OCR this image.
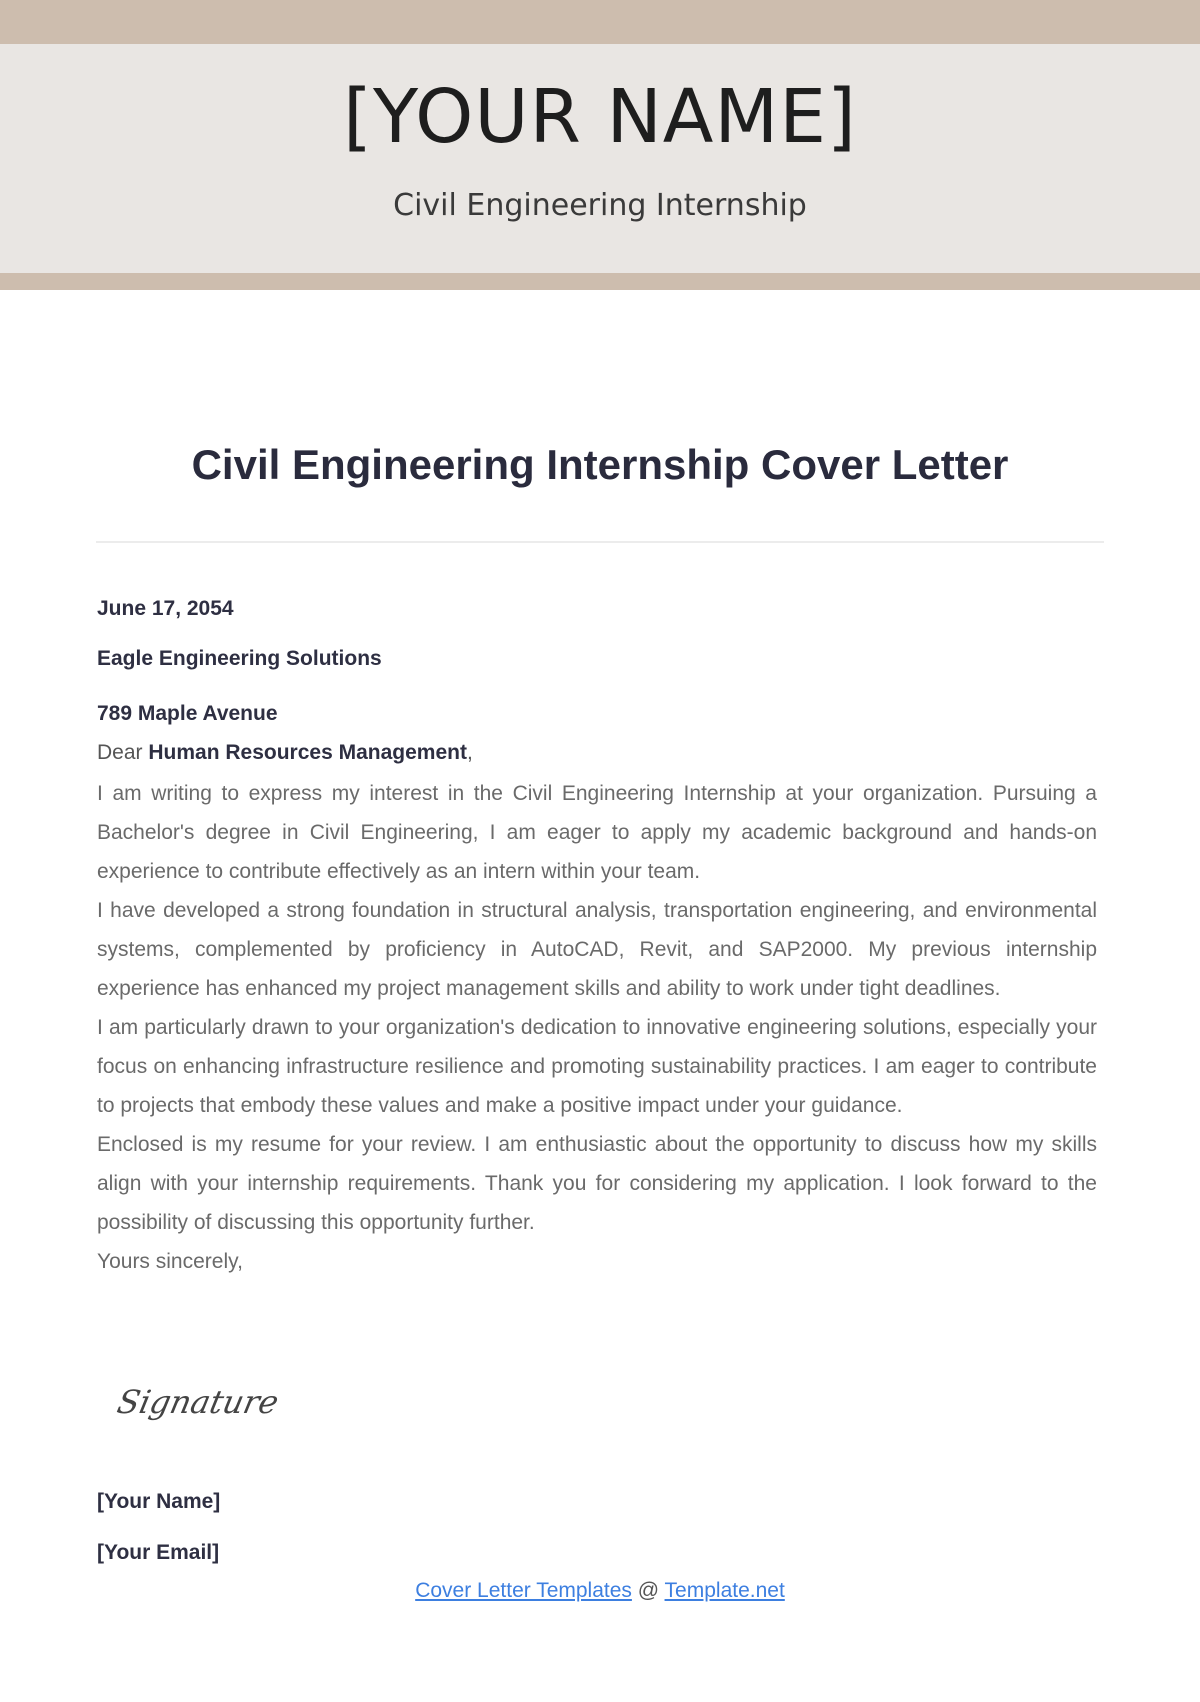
[YOUR NAME]
Civil Engineering Internship
Civil Engineering Internship Cover Letter
June 17, 2054
Eagle Engineering Solutions
789 Maple Avenue
Dear Human Resources Management,

I am writing to express my interest in the Civil Engineering Internship at your organization. Pursuing a Bachelor's degree in Civil Engineering, I am eager to apply my academic background and hands-on experience to contribute effectively as an intern within your team.

I have developed a strong foundation in structural analysis, transportation engineering, and environmental systems, complemented by proficiency in AutoCAD, Revit, and SAP2000. My previous internship experience has enhanced my project management skills and ability to work under tight deadlines.

I am particularly drawn to your organization's dedication to innovative engineering solutions, especially your focus on enhancing infrastructure resilience and promoting sustainability practices. I am eager to contribute to projects that embody these values and make a positive impact under your guidance.

Enclosed is my resume for your review. I am enthusiastic about the opportunity to discuss how my skills align with your internship requirements. Thank you for considering my application. I look forward to the possibility of discussing this opportunity further.

Yours sincerely,

Signature
[Your Name]
[Your Email]
Cover Letter Templates @ Template.net
